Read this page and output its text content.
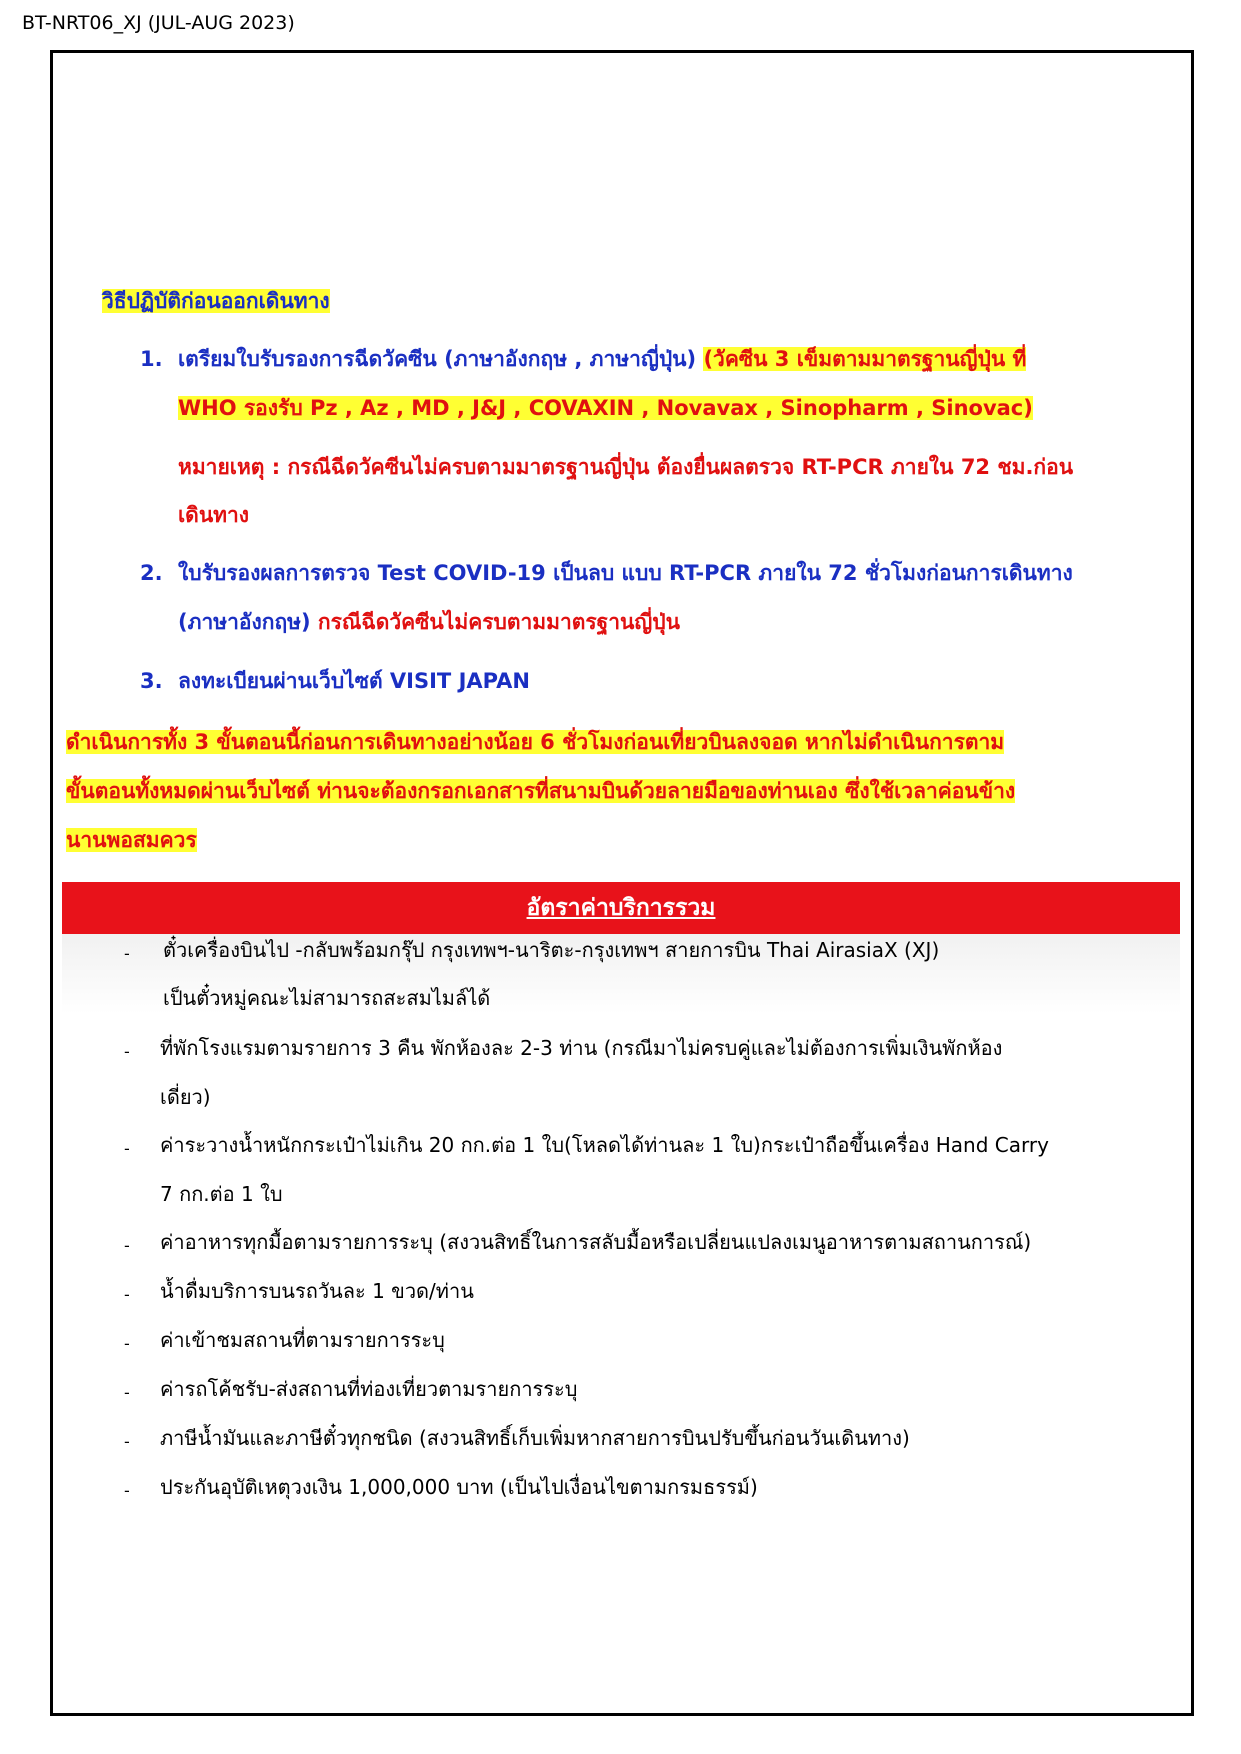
BT-NRT06_XJ (JUL-AUG 2023)
วิธีปฏิบัติก่อนออกเดินทาง
1. เตรียมใบรับรองการฉีดวัคซีน (ภาษาอังกฤษ , ภาษาญี่ปุ่น) (วัคซีน 3 เข็มตามมาตรฐานญี่ปุ่น ที่
WHO รองรับ Pz , Az , MD , J&J , COVAXIN , Novavax , Sinopharm , Sinovac)
หมายเหตุ : กรณีฉีดวัคซีนไม่ครบตามมาตรฐานญี่ปุ่น ต้องยื่นผลตรวจ RT-PCR ภายใน 72 ชม.ก่อน
เดินทาง
2. ใบรับรองผลการตรวจ Test COVID-19 เป็นลบ แบบ RT-PCR ภายใน 72 ชั่วโมงก่อนการเดินทาง
(ภาษาอังกฤษ) กรณีฉีดวัคซีนไม่ครบตามมาตรฐานญี่ปุ่น
3. ลงทะเบียนผ่านเว็บไซต์ VISIT JAPAN
ดำเนินการทั้ง 3 ขั้นตอนนี้ก่อนการเดินทางอย่างน้อย 6 ชั่วโมงก่อนเที่ยวบินลงจอด หากไม่ดำเนินการตาม
ขั้นตอนทั้งหมดผ่านเว็บไซต์ ท่านจะต้องกรอกเอกสารที่สนามบินด้วยลายมือของท่านเอง ซึ่งใช้เวลาค่อนข้าง
นานพอสมควร
อัตราค่าบริการรวม
- ตั๋วเครื่องบินไป -กลับพร้อมกรุ๊ป กรุงเทพฯ-นาริตะ-กรุงเทพฯ สายการบิน Thai AirasiaX (XJ)
เป็นตั๋วหมู่คณะไม่สามารถสะสมไมล์ได้
- ที่พักโรงแรมตามรายการ 3 คืน พักห้องละ 2-3 ท่าน (กรณีมาไม่ครบคู่และไม่ต้องการเพิ่มเงินพักห้อง
เดี่ยว)
- ค่าระวางน้ำหนักกระเป๋าไม่เกิน 20 กก.ต่อ 1 ใบ(โหลดได้ท่านละ 1 ใบ)กระเป๋าถือขึ้นเครื่อง Hand Carry
7 กก.ต่อ 1 ใบ
- ค่าอาหารทุกมื้อตามรายการระบุ (สงวนสิทธิ์ในการสลับมื้อหรือเปลี่ยนแปลงเมนูอาหารตามสถานการณ์)
- น้ำดื่มบริการบนรถวันละ 1 ขวด/ท่าน
- ค่าเข้าชมสถานที่ตามรายการระบุ
- ค่ารถโค้ชรับ-ส่งสถานที่ท่องเที่ยวตามรายการระบุ
- ภาษีน้ำมันและภาษีตั๋วทุกชนิด (สงวนสิทธิ์เก็บเพิ่มหากสายการบินปรับขึ้นก่อนวันเดินทาง)
- ประกันอุบัติเหตุวงเงิน 1,000,000 บาท (เป็นไปเงื่อนไขตามกรมธรรม์)
